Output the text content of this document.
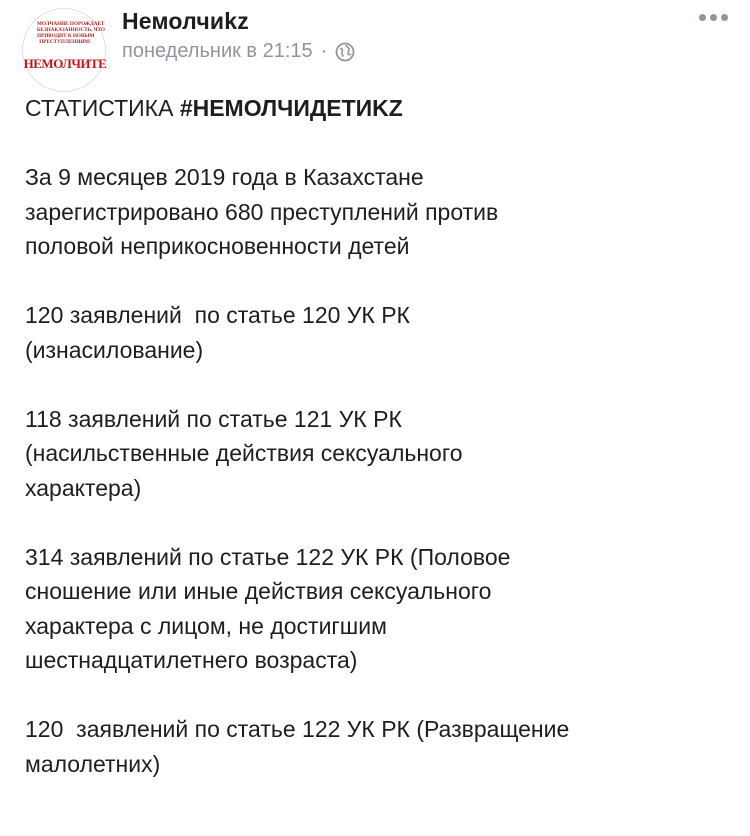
МОЛЧАНИЕ ПОРОЖДАЕТ
БЕЗНАКАЗАННОСТЬ, ЧТО
ПРИВОДИТ К НОВЫМ
ПРЕСТУПЛЕНИЯМ!
НЕМОЛЧИТЕ
Немолчиkz
понедельник в 21:15 ·

СТАТИСТИКА #НЕМОЛЧИДЕТИKZ

За 9 месяцев 2019 года в Казахстане
зарегистрировано 680 преступлений против
половой неприкосновенности детей

120 заявлений  по статье 120 УК РК
(изнасилование)

118 заявлений по статье 121 УК РК
(насильственные действия сексуального
характера)

314 заявлений по статье 122 УК РК (Половое
сношение или иные действия сексуального
характера с лицом, не достигшим
шестнадцатилетнего возраста)

120  заявлений по статье 122 УК РК (Развращение
малолетних)
